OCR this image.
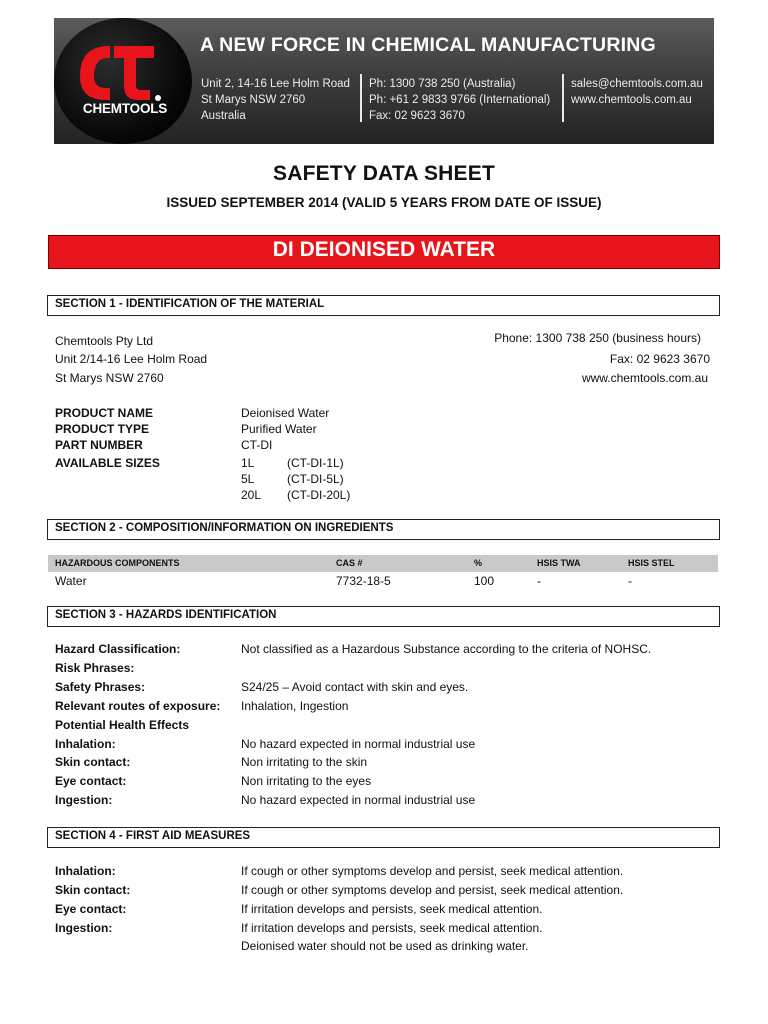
CHEMTOOLS
A NEW FORCE IN CHEMICAL MANUFACTURING
Unit 2, 14-16 Lee Holm Road
St Marys NSW 2760
Australia
Ph: 1300 738 250 (Australia)
Ph: +61 2 9833 9766 (International)
Fax: 02 9623 3670
sales@chemtools.com.au
www.chemtools.com.au
SAFETY DATA SHEET
ISSUED SEPTEMBER 2014 (VALID 5 YEARS FROM DATE OF ISSUE)
DI DEIONISED WATER
SECTION 1 - IDENTIFICATION OF THE MATERIAL
Chemtools Pty Ltd
Unit 2/14-16 Lee Holm Road
St Marys NSW 2760
Phone: 1300 738 250 (business hours)
Fax: 02 9623 3670
www.chemtools.com.au
PRODUCT NAME	Deionised Water
PRODUCT TYPE	Purified Water
PART NUMBER	CT-DI
AVAILABLE SIZES	1L	(CT-DI-1L)
5L	(CT-DI-5L)
20L (CT-DI-20L)
SECTION 2 - COMPOSITION/INFORMATION ON INGREDIENTS
HAZARDOUS COMPONENTS	CAS #	%	HSIS TWA	HSIS STEL
Water	7732-18-5	100	-	-
SECTION 3 - HAZARDS IDENTIFICATION
Hazard Classification:	Not classified as a Hazardous Substance according to the criteria of NOHSC.
Risk Phrases:
Safety Phrases:	S24/25 – Avoid contact with skin and eyes.
Relevant routes of exposure: Inhalation, Ingestion
Potential Health Effects
Inhalation:	No hazard expected in normal industrial use
Skin contact:	Non irritating to the skin
Eye contact:	Non irritating to the eyes
Ingestion:	No hazard expected in normal industrial use
SECTION 4 - FIRST AID MEASURES
Inhalation:	If cough or other symptoms develop and persist, seek medical attention.
Skin contact:	If cough or other symptoms develop and persist, seek medical attention.
Eye contact:	If irritation develops and persists, seek medical attention.
Ingestion:	If irritation develops and persists, seek medical attention.
Deionised water should not be used as drinking water.
